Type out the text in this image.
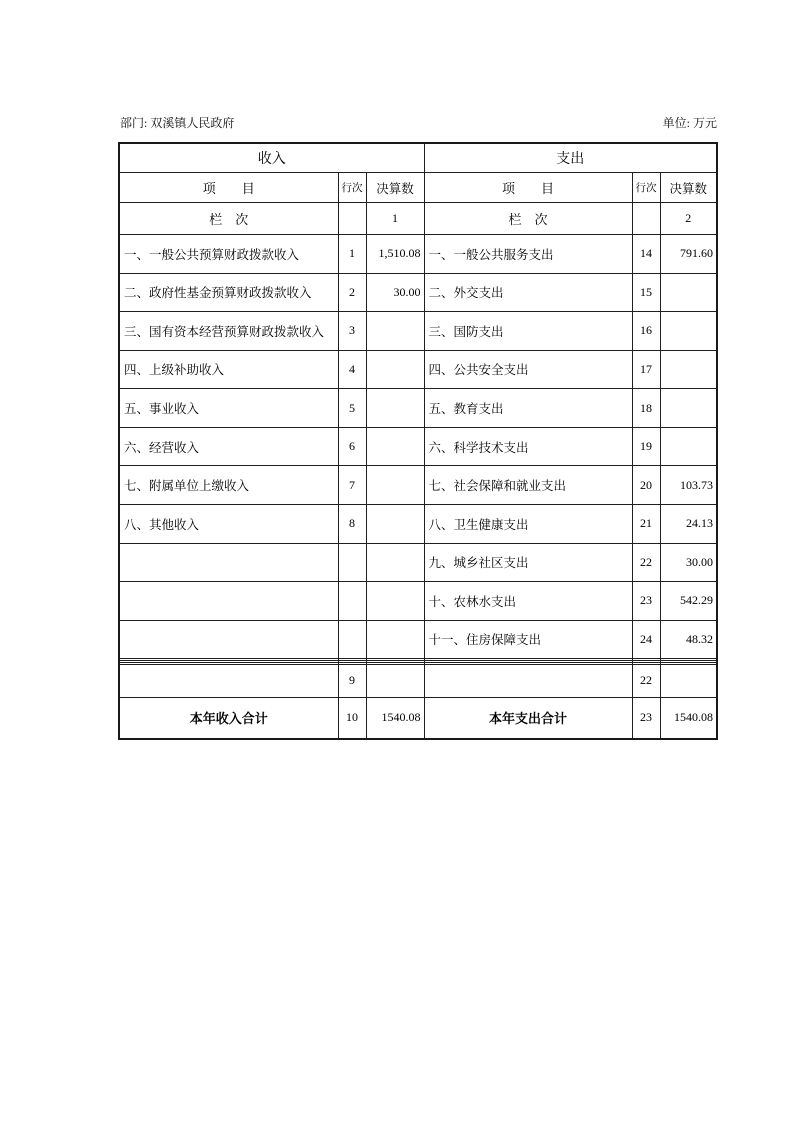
部门: 双溪镇人民政府	单位: 万元
收入			支出		
项　　目	行次	决算数	项　　目	行次	决算数
栏　次		1	栏　次		2
一、一般公共预算财政拨款收入	1	1,510.08	一、一般公共服务支出	14	791.60
二、政府性基金预算财政拨款收入	2	30.00	二、外交支出	15	
三、国有资本经营预算财政拨款收入	3		三、国防支出	16	
四、上级补助收入	4		四、公共安全支出	17	
五、事业收入	5		五、教育支出	18	
六、经营收入	6		六、科学技术支出	19	
七、附属单位上缴收入	7		七、社会保障和就业支出	20	103.73
八、其他收入	8		八、卫生健康支出	21	24.13
			九、城乡社区支出	22	30.00
			十、农林水支出	23	542.29
			十一、住房保障支出	24	48.32

	9			22	
本年收入合计	10	1540.08	本年支出合计	23	1540.08
